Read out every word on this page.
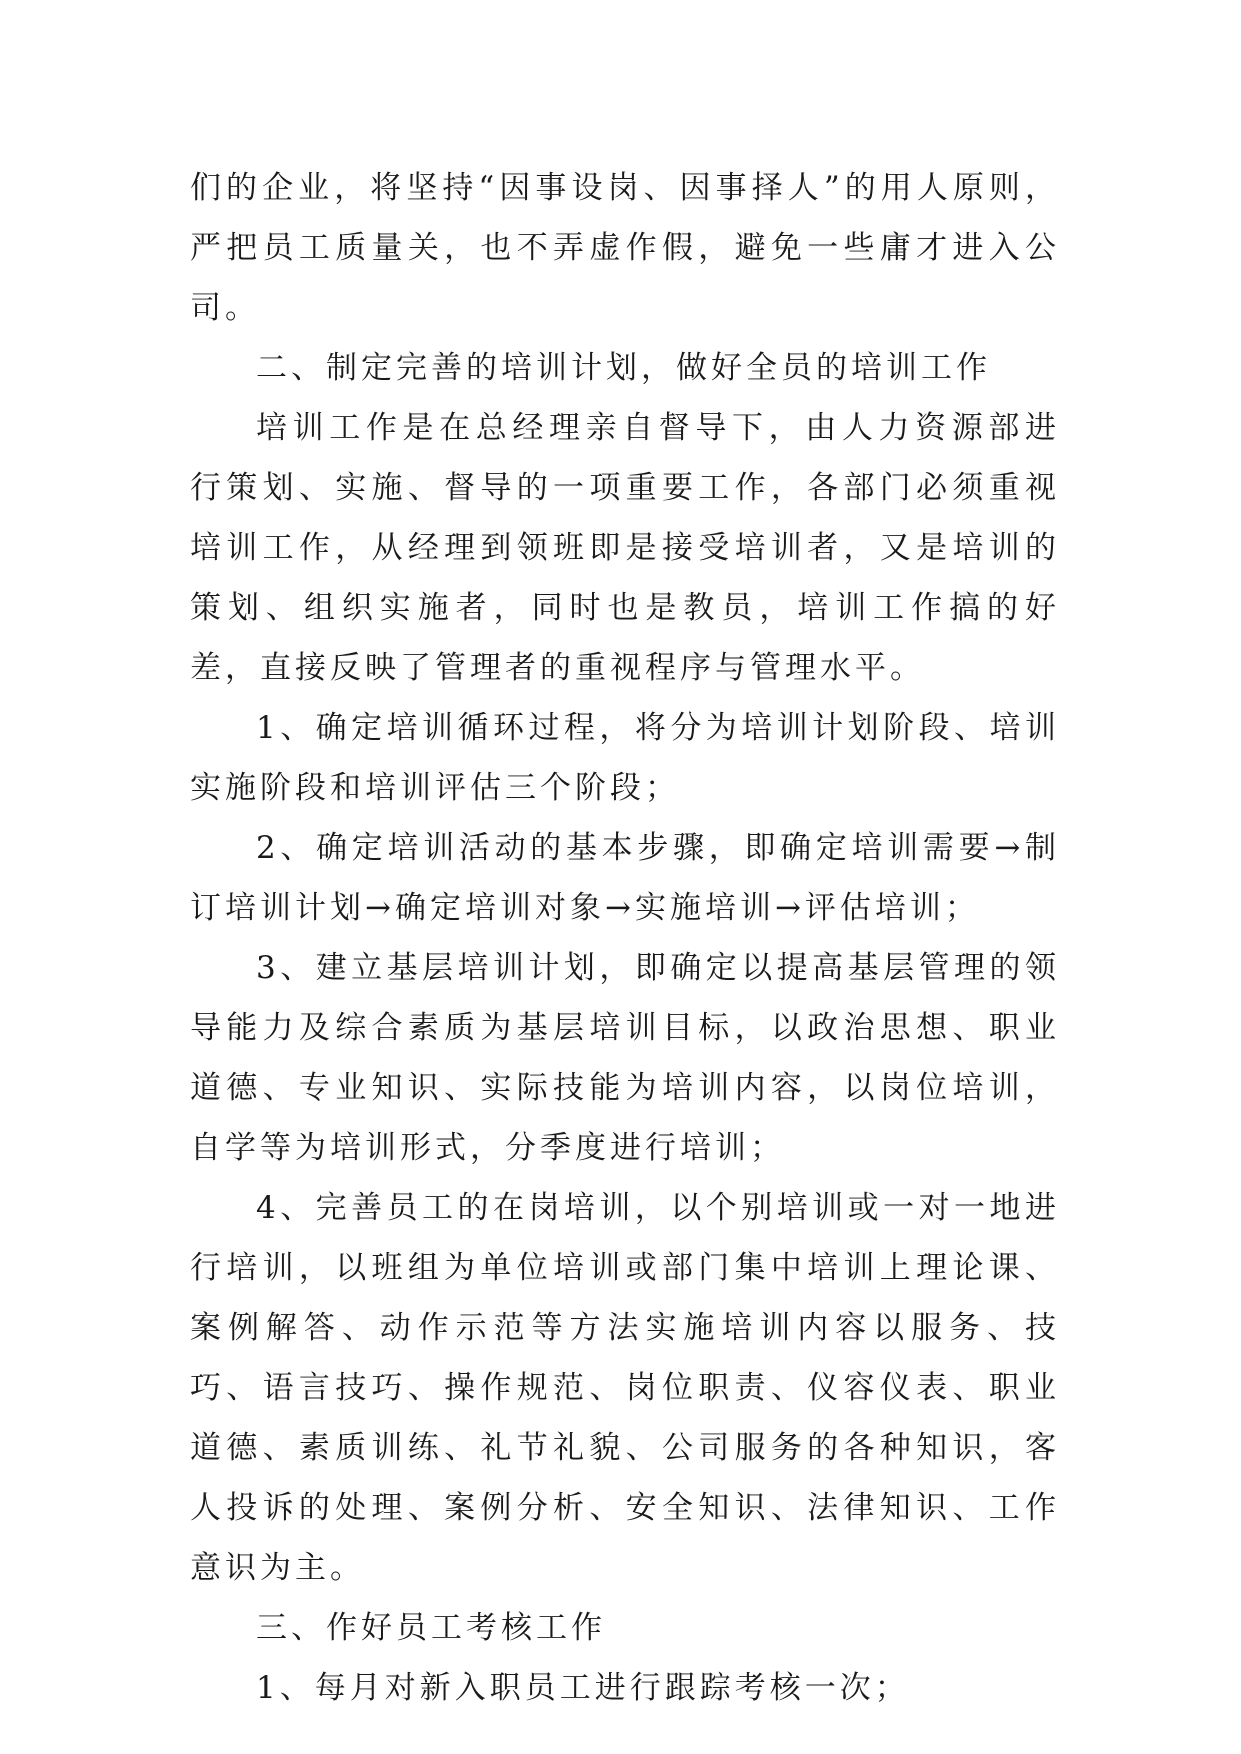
们的企业，将坚持“因事设岗、因事择人”的用人原则，严把员工质量关，也不弄虚作假，避免一些庸才进入公司。

二、制定完善的培训计划，做好全员的培训工作

培训工作是在总经理亲自督导下，由人力资源部进行策划、实施、督导的一项重要工作，各部门必须重视培训工作，从经理到领班即是接受培训者，又是培训的策划、组织实施者，同时也是教员，培训工作搞的好差，直接反映了管理者的重视程序与管理水平。

1、确定培训循环过程，将分为培训计划阶段、培训实施阶段和培训评估三个阶段；

2、确定培训活动的基本步骤，即确定培训需要→制订培训计划→确定培训对象→实施培训→评估培训；

3、建立基层培训计划，即确定以提高基层管理的领导能力及综合素质为基层培训目标，以政治思想、职业道德、专业知识、实际技能为培训内容，以岗位培训，自学等为培训形式，分季度进行培训；

4、完善员工的在岗培训，以个别培训或一对一地进行培训，以班组为单位培训或部门集中培训上理论课、案例解答、动作示范等方法实施培训内容以服务、技巧、语言技巧、操作规范、岗位职责、仪容仪表、职业道德、素质训练、礼节礼貌、公司服务的各种知识，客人投诉的处理、案例分析、安全知识、法律知识、工作意识为主。

三、作好员工考核工作

1、每月对新入职员工进行跟踪考核一次；
